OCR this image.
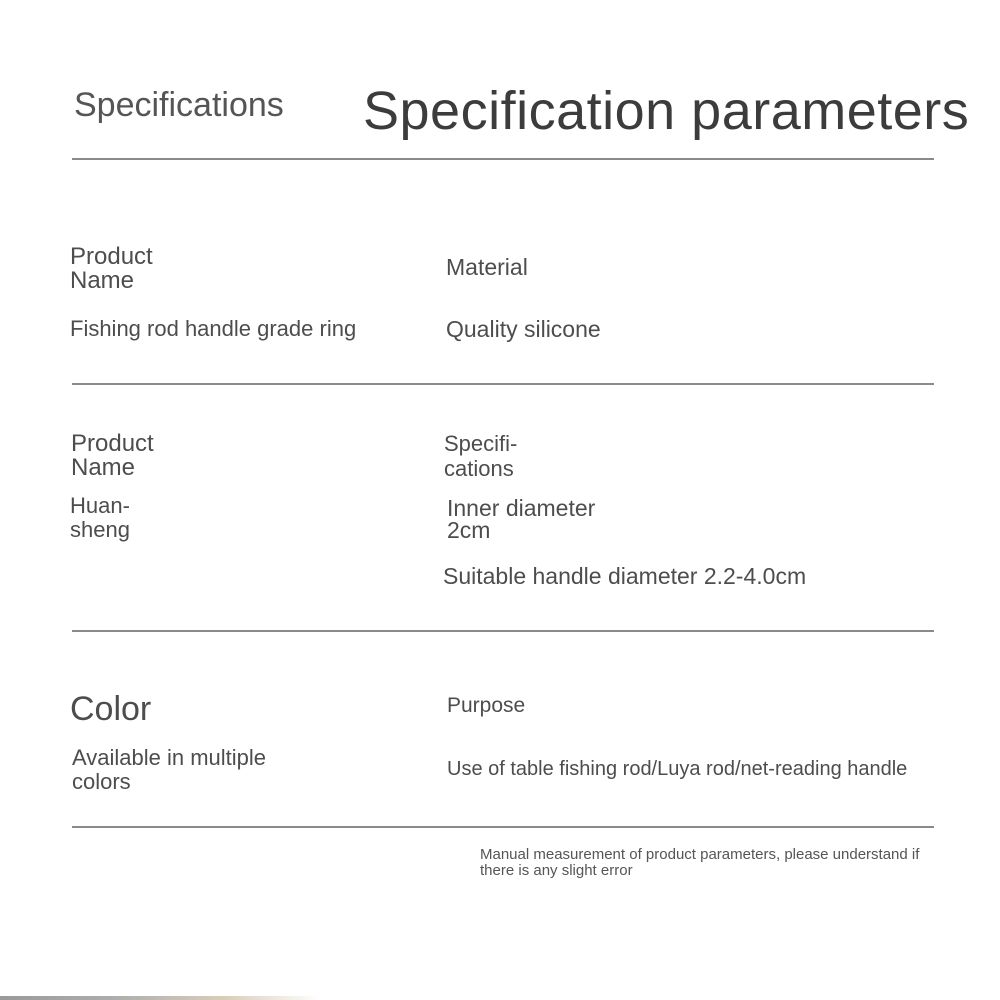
Specifications Specification parameters
Product Name
Fishing rod handle grade ring
Material
Quality silicone
Product Name
Huan-sheng
Specifi-cations
Inner diameter 2cm
Suitable handle diameter 2.2-4.0cm
Color
Available in multiple colors
Purpose
Use of table fishing rod/Luya rod/net-reading handle
Manual measurement of product parameters, please understand if there is any slight error
